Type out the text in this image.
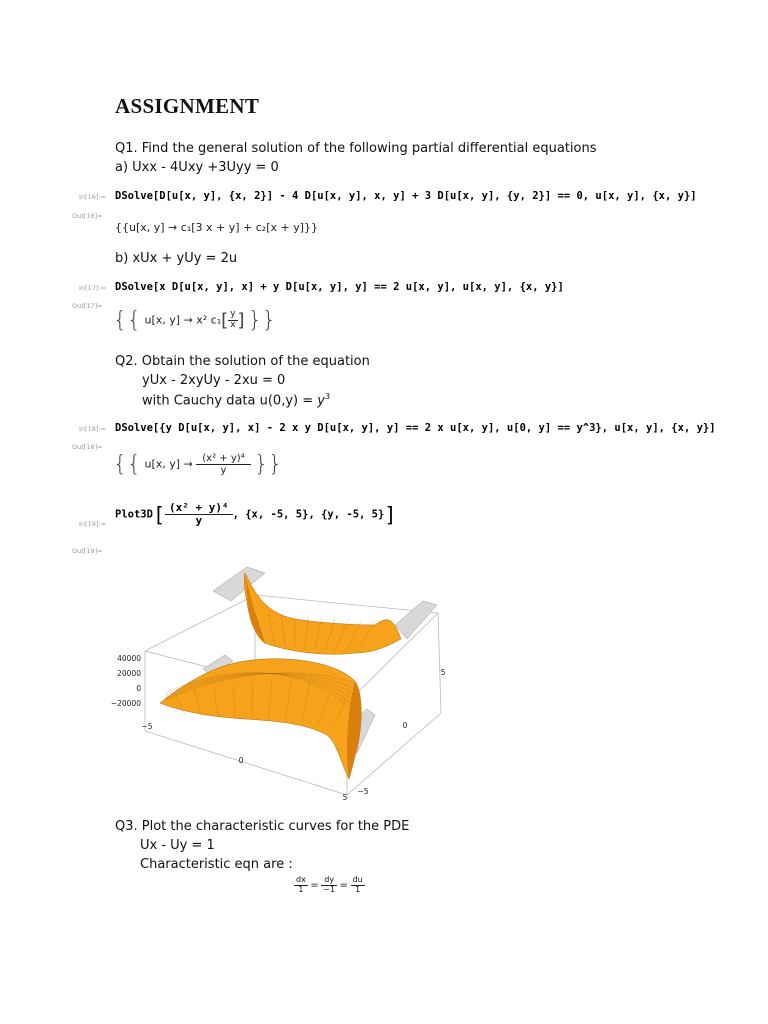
ASSIGNMENT
Q1. Find the general solution of the following partial differential equations
a) Uxx - 4Uxy +3Uyy = 0
In[16]:= DSolve[D[u[x, y], {x, 2}] - 4 D[u[x, y], x, y] + 3 D[u[x, y], {y, 2}] == 0, u[x, y], {x, y}]
Out[16]=
{{u[x, y] → c₁[3 x + y] + c₂[x + y]}}
b) xUx + yUy = 2u
In[17]:= DSolve[x D[u[x, y], x] + y D[u[x, y], y] == 2 u[x, y], u[x, y], {x, y}]
Out[17]=
{{ u[x, y] → x² $c_1[ \frac{y}{x}$ ] }}
Q2. Obtain the solution of the equation
yUx - 2xyUy - 2xu = 0
with Cauchy data $u(0,y) = y^3$
In[18]:= DSolve[{y D[u[x, y], x] - 2 x y D[u[x, y], y] == 2 x u[x, y], u[0, y] == y^3}, u[x, y], {x, y}]
Out[18]=
{{ u[x, $y] \to \frac{\text{(x² + y)⁴}}{y}$ }}
In[19]:=
Plot3D[ $\frac{\text{(x² + y)⁴}}{y}$ , {x, -5, 5}, {y, -5, 5}]
Out[19]=
40000
20000
0
−20000
−5
0
5
5
0
−5
Q3. Plot the characteristic curves for the PDE
Ux - Uy = 1
Characteristic eqn are :
$\frac{dx}{1} = \frac{dy}{-1} = \frac{du}{1}$
